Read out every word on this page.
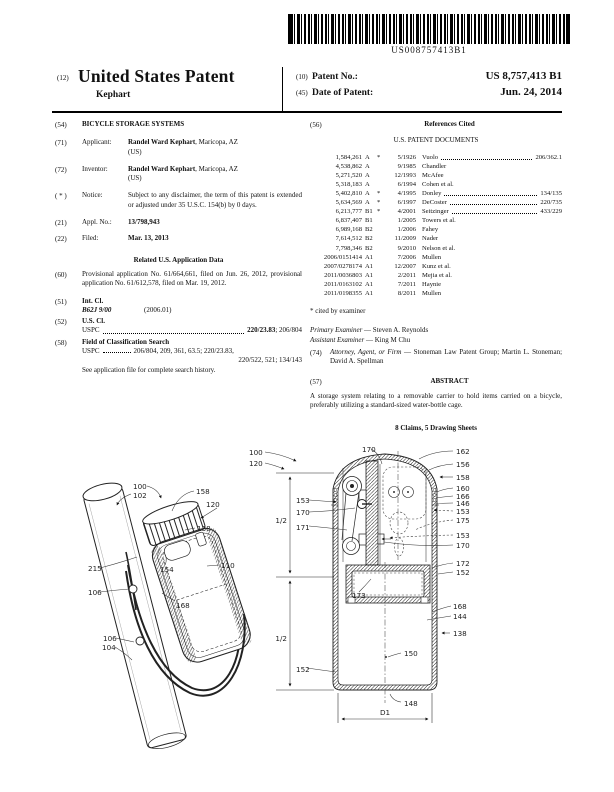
US008757413B1
(12) United States Patent
Kephart
(10) Patent No.:	US 8,757,413 B1
(45) Date of Patent:	Jun. 24, 2014
(54)	BICYCLE STORAGE SYSTEMS
(71)	Applicant:	Randel Ward Kephart, Maricopa, AZ
(US)
(72)	Inventor:	Randel Ward Kephart, Maricopa, AZ
(US)
( * )	Notice:	Subject to any disclaimer, the term of this patent is extended or adjusted under 35 U.S.C. 154(b) by 0 days.
(21)	Appl. No.:	13/798,943
(22)	Filed:	Mar. 13, 2013
Related U.S. Application Data
(60)	Provisional application No. 61/664,661, filed on Jun. 26, 2012, provisional application No. 61/612,578, filed on Mar. 19, 2012.
(51)	Int. Cl.
B62J 9/00	(2006.01)
(52)	U.S. Cl.
USPC	220/23.83; 206/804
(58)	Field of Classification Search
USPC	206/804, 209, 361, 63.5; 220/23.83,
220/522, 521; 134/143
See application file for complete search history.
(56)	References Cited
U.S. PATENT DOCUMENTS
1,584,261 A	*	5/1926 Vuolo	206/362.1
4,538,862 A	9/1985 Chandler
5,271,520 A	12/1993 McAfee
5,318,183 A	6/1994 Cohen et al.
5,402,810 A	*	4/1995 Donley	134/135
5,634,569 A	*	6/1997 DeCoster	220/735
6,213,777 B1 *	4/2001 Seitzinger	433/229
6,837,407 B1	1/2005 Towers et al.
6,989,168 B2	1/2006 Fahey
7,614,512 B2	11/2009 Nader
7,798,346 B2	9/2010 Nelson et al.
2006/0151414 A1	7/2006 Mullen
2007/0278174 A1	12/2007 Kunz et al.
2011/0036803 A1	2/2011 Mejia et al.
2011/0163102 A1	7/2011 Haynie
2011/0198355 A1	8/2011 Mullen
* cited by examiner
Primary Examiner — Steven A. Reynolds
Assistant Examiner — King M Chu
(74)	Attorney, Agent, or Firm — Stoneman Law Patent Group; Martin L. Stoneman; David A. Spellman
(57)	ABSTRACT
A storage system relating to a removable carrier to hold items carried on a bicycle, preferably utilizing a standard-sized water-bottle cage.
8 Claims, 5 Drawing Sheets
100
102	158
120
138
215	154	110
106
168
106
104
100
120
170	162
156
158
160
166
146
153
175
153
170
172
152
168
144
138
150
148
153
170
171
173
152
1/2
1/2
D1
